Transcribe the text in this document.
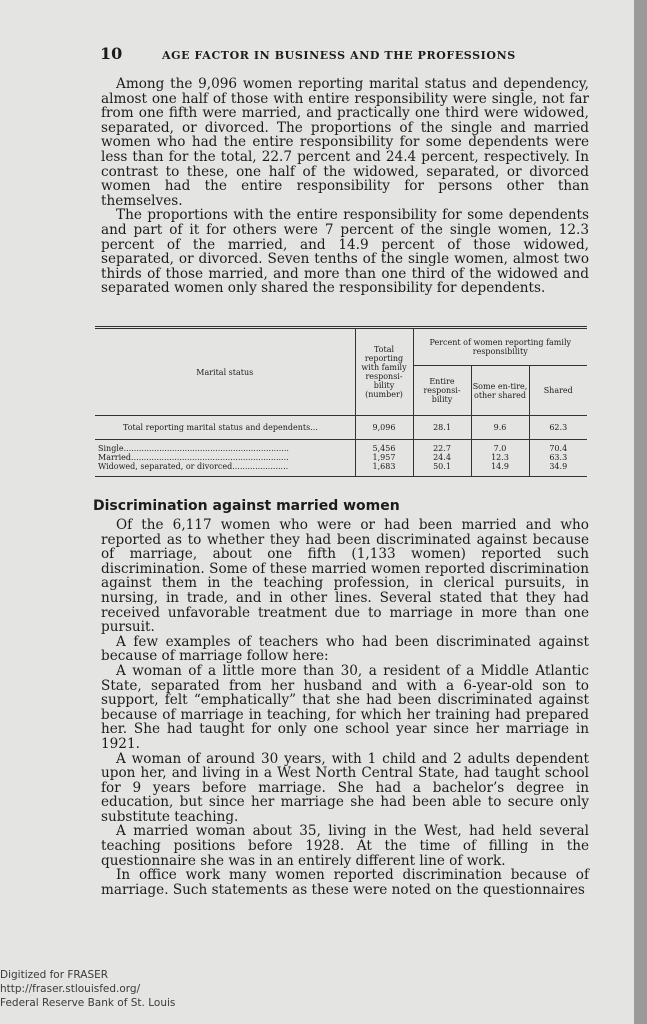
10	AGE FACTOR IN BUSINESS AND THE PROFESSIONS

Among the 9,096 women reporting marital status and dependency, almost one half of those with entire responsibility were single, not far from one fifth were married, and practically one third were widowed, separated, or divorced. The proportions of the single and married women who had the entire responsibility for some dependents were less than for the total, 22.7 percent and 24.4 percent, respectively. In contrast to these, one half of the widowed, separated, or divorced women had the entire responsibility for persons other than themselves.

The proportions with the entire responsibility for some dependents and part of it for others were 7 percent of the single women, 12.3 percent of the married, and 14.9 percent of those widowed, separated, or divorced. Seven tenths of the single women, almost two thirds of those married, and more than one third of the widowed and separated women only shared the responsibility for dependents.

Marital status	Total reporting with family responsi-bility (number)	Percent of women reporting family responsibility		
		Entire responsi-bility	Some en-tire, other shared	Shared
Total reporting marital status and dependents...	9,096	28.1	9.6	62.3
Single.................................................................	5,456	22.7	7.0	70.4
Married..............................................................	1,957	24.4	12.3	63.3
Widowed, separated, or divorced......................	1,683	50.1	14.9	34.9
Discrimination against married women

Of the 6,117 women who were or had been married and who reported as to whether they had been discriminated against because of marriage, about one fifth (1,133 women) reported such discrimination. Some of these married women reported discrimination against them in the teaching profession, in clerical pursuits, in nursing, in trade, and in other lines. Several stated that they had received unfavorable treatment due to marriage in more than one pursuit.

A few examples of teachers who had been discriminated against because of marriage follow here:

A woman of a little more than 30, a resident of a Middle Atlantic State, separated from her husband and with a 6-year-old son to support, felt “emphatically” that she had been discriminated against because of marriage in teaching, for which her training had prepared her. She had taught for only one school year since her marriage in 1921.

A woman of around 30 years, with 1 child and 2 adults dependent upon her, and living in a West North Central State, had taught school for 9 years before marriage. She had a bachelor’s degree in education, but since her marriage she had been able to secure only substitute teaching.

A married woman about 35, living in the West, had held several teaching positions before 1928. At the time of filling in the questionnaire she was in an entirely different line of work.

In office work many women reported discrimination because of marriage. Such statements as these were noted on the questionnaires

Digitized for FRASER
http://fraser.stlouisfed.org/
Federal Reserve Bank of St. Louis
